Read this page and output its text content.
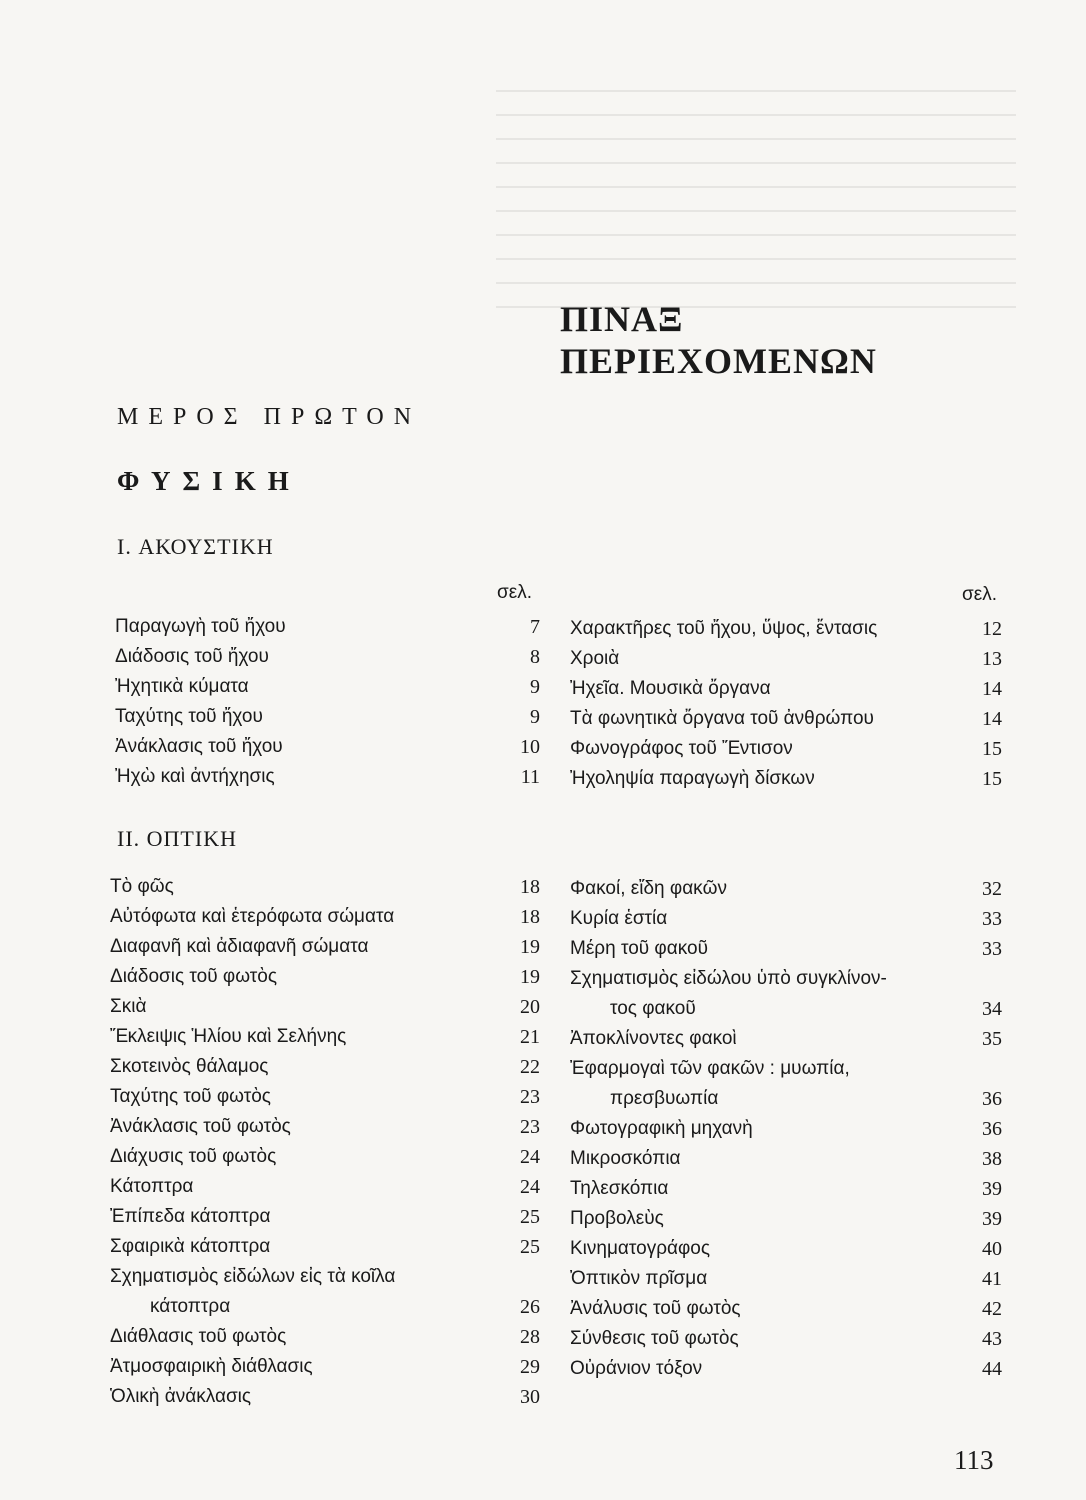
ΠΙΝΑΞ ΠΕΡΙΕΧΟΜΕΝΩΝ
ΜΕΡΟΣ ΠΡΩΤΟΝ
ΦΥΣΙΚΗ
I. ΑΚΟΥΣΤΙΚΗ
σελ.	σελ.
Παραγωγὴ τοῦ ἤχου	7
Διάδοσις τοῦ ἤχου	8
Ἠχητικὰ κύματα	9
Ταχύτης τοῦ ἤχου	9
Ἀνάκλασις τοῦ ἤχου	10
Ἠχὼ καὶ ἀντήχησις	11
Χαρακτῆρες τοῦ ἤχου, ὕψος, ἔντασις	12
Χροιὰ	13
Ἠχεῖα. Μουσικὰ ὄργανα	14
Τὰ φωνητικὰ ὄργανα τοῦ ἀνθρώπου	14
Φωνογράφος τοῦ Ἔντισον	15
Ἠχοληψία παραγωγὴ δίσκων	15
II. ΟΠΤΙΚΗ
Τὸ φῶς	18
Αὐτόφωτα καὶ ἑτερόφωτα σώματα	18
Διαφανῆ καὶ ἀδιαφανῆ σώματα	19
Διάδοσις τοῦ φωτὸς	19
Σκιὰ	20
Ἔκλειψις Ἡλίου καὶ Σελήνης	21
Σκοτεινὸς θάλαμος	22
Ταχύτης τοῦ φωτὸς	23
Ἀνάκλασις τοῦ φωτὸς	23
Διάχυσις τοῦ φωτὸς	24
Κάτοπτρα	24
Ἐπίπεδα κάτοπτρα	25
Σφαιρικὰ κάτοπτρα	25
Σχηματισμὸς εἰδώλων εἰς τὰ κοῖλα
κάτοπτρα	26
Διάθλασις τοῦ φωτὸς	28
Ἀτμοσφαιρικὴ διάθλασις	29
Ὁλικὴ ἀνάκλασις	30
Φακοί, εἴδη φακῶν	32
Κυρία ἑστία	33
Μέρη τοῦ φακοῦ	33
Σχηματισμὸς εἰδώλου ὑπὸ συγκλίνον-
τος φακοῦ	34
Ἀποκλίνοντες φακοὶ	35
Ἐφαρμογαὶ τῶν φακῶν : μυωπία,
πρεσβυωπία	36
Φωτογραφικὴ μηχανὴ	36
Μικροσκόπια	38
Τηλεσκόπια	39
Προβολεὺς	39
Κινηματογράφος	40
Ὀπτικὸν πρῖσμα	41
Ἀνάλυσις τοῦ φωτὸς	42
Σύνθεσις τοῦ φωτὸς	43
Οὐράνιον τόξον	44
113
